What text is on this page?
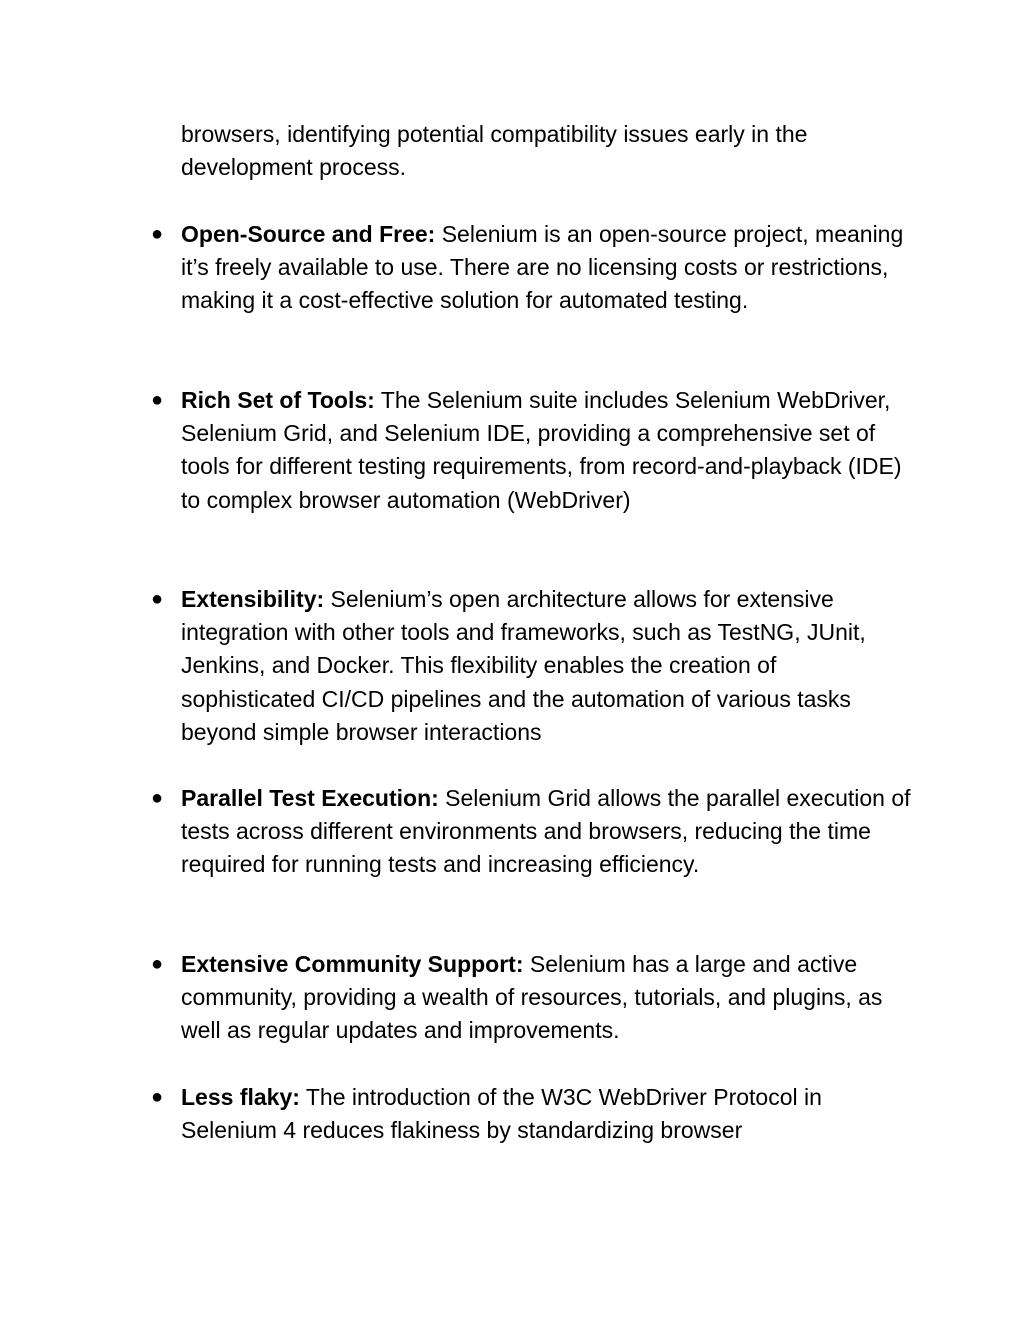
browsers, identifying potential compatibility issues early in the development process.

● Open-Source and Free: Selenium is an open-source project, meaning it’s freely available to use. There are no licensing costs or restrictions, making it a cost-effective solution for automated testing.
● Rich Set of Tools: The Selenium suite includes Selenium WebDriver, Selenium Grid, and Selenium IDE, providing a comprehensive set of tools for different testing requirements, from record-and-playback (IDE) to complex browser automation (WebDriver)
● Extensibility: Selenium’s open architecture allows for extensive integration with other tools and frameworks, such as TestNG, JUnit, Jenkins, and Docker. This flexibility enables the creation of sophisticated CI/CD pipelines and the automation of various tasks beyond simple browser interactions
● Parallel Test Execution: Selenium Grid allows the parallel execution of tests across different environments and browsers, reducing the time required for running tests and increasing efficiency.
● Extensive Community Support: Selenium has a large and active community, providing a wealth of resources, tutorials, and plugins, as well as regular updates and improvements.
● Less flaky: The introduction of the W3C WebDriver Protocol in Selenium 4 reduces flakiness by standardizing browser
